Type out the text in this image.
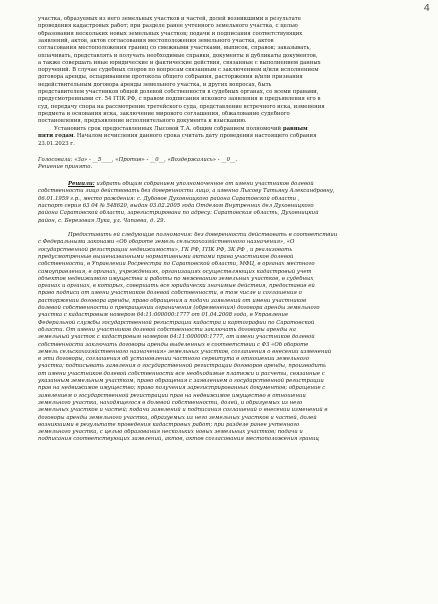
4
участка, образуемых из него земельных участков и частей, долей возникшими в результате
проведения кадастровых работ; при разделе ранее учтенного земельного участка, с целью
образования нескольких новых земельных участков; подачи и подписания соответствующих
заявлений, актов, актов согласования местоположения земельного участка, актов
согласования местоположения границ со смежными участками, выписок, справок; заказывать,
оплачивать, представлять и получать необходимые справки, документы и дубликаты документов,
а также совершать иные юридические и фактические действия, связанные с выполнением данных
поручений. В случае судебных споров по вопросам связанным с заключением и/или исполнением
договора аренды, оспариванием протокола общего собрания, расторжения и/или признания
недействительным договора аренды земельного участка, и других вопросах, быть
представителем участников общей долевой собственности в судебных органах, со всеми правами,
предусмотренными ст. 54 ГПК РФ, с правом подписания искового заявления и предъявления его в
суд, передачу спора на рассмотрение третейского суда, представление встречного иска, изменения
предмета и основания иска, заключение мирового соглашения, обжалование судебного
постановления, предъявление исполнительного документа к взысканию.
Установить срок предоставленных Лысовой Т.А. общим собранием полномочий равным
пяти годам. Началом исчисления данного срока считать дату проведения настоящего собрания
23.01.2023 г.
Голосовали: «За» - __5____, «Против» - __0__, «Воздержались» - __0__.
Решение принято.
Решили: избрать общим собранием уполномоченное от имени участников долевой
собственности лицо действовать без доверенности лицо, а именно Лысову Татьяну Александровну,
06.01.1959 г.р., место рождения: с. Дубовое Духовницкого района Саратовской области ,
паспорт серия 63 04 № 548620, выдан 03.02.2005 года Отделом Внутренних дел Духовницкого
района Саратовской области, зарегистрирована по адресу: Саратовская область, Духовницкий
район, с. Березовая Лука, ул. Чапаева, д. 29.
Предоставить ей следующие полномочия: без доверенности действовать в соответствии
с Федеральными законами «Об обороте земель сельскохозяйственного назначения», «О
государственной регистрации недвижимости», ГК РФ, ГПК РФ, ЗК РФ , и реализовать
предусмотренные вышеназванными нормативными актами права участников долевой
собственности, в Управлении Росреестра по Саратовской области, МФЦ, в органах местного
самоуправления, в органах, учреждениях, организациях осуществляющих кадастровый учет
объектов недвижимого имущества и работы по межеванию земельных участков, в судебных
органах и органах, в которых, совершать все юридически значимые действия, предоставив ей
право подписи от имени участников долевой собственности, в том числе и соглашения о
расторжении договора аренды, право обращения и подачи заявлений от имени участников
долевой собственности о прекращении ограничения (обременения) договора аренды земельного
участка с кадастровым номером 64:11:000000:1777 от 01.04.2008 года, в Управление
Федеральной службы государственной регистрации кадастра и картографии по Саратовской
области. От имени участников долевой собственности заключать договоры аренды на
земельный участок с кадастровым номером 64:11:000000:1777, от имени участников долевой
собственности заключать договоры аренды выделенных в соответствии с ФЗ «Об обороте
земель сельскохозяйственного назначения» земельных участков, соглашения о внесении изменений
в эти договоры, соглашения об установлении частного сервитута в отношении земельного
участка; подписывать заявления о государственной регистрации договоров аренды, производить
от имени участников долевой собственности все необходимые платежи и расчеты, связанные с
указанным земельным участком, право обращения с заявлением о государственной регистрации
прав на недвижимое имущество; право получения зарегистрированных документов; обращение с
заявлением о государственной регистрации прав на недвижимое имущество в отношении
земельного участка, находящегося в долевой собственности, долей, и образуемых из него
земельных участков и частей; подачи заявлений и подписания соглашений о внесении изменений в
договоры аренды земельного участка, образуемых из него земельных участков и частей, долей
возникшими в результате проведения кадастровых работ; при разделе ранее учтенного
земельного участка, с целью образования нескольких новых земельных участков; подачи и
подписания соответствующих заявлений, актов, актов согласования местоположения границ
